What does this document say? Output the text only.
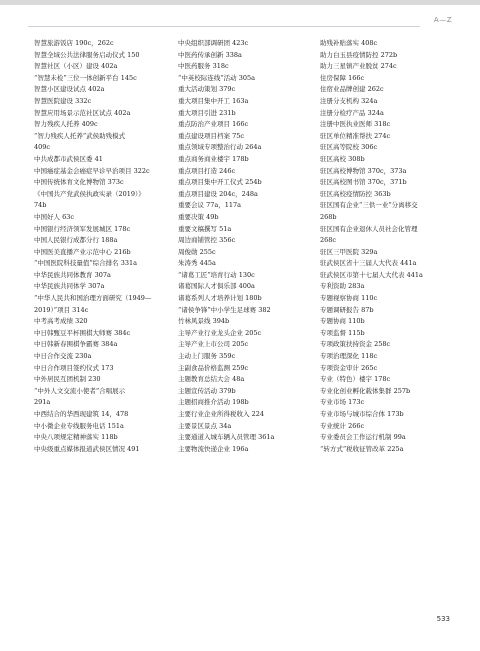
A—Z

智慧旅游饭店 190c，262c

智慧全域公共法律服务启动仪式 150

智慧社区（小区）建设 402a

“智慧未检”三位一体创新平台 145c

智慧小区建设试点 402a

智慧医院建设 332c

智慧应用场景示范社区试点 402a

智力残疾人托养 409c

“智力残疾人托养”武侯助残模式

409c

中共成都市武侯区委 41

中国癌症基金会癌症早诊早治项目 322c

中国传统体育文化博物馆 373c

《中国共产党武侯执政实录（2019）》

74b

中国好人 63c

中国银行经济领军发展城区 178c

中国人民银行成都分行 188a

中国医美直播产业示范中心 216b

“中国医院科技量值”综合排名 331a

中华民族共同体教育 307a

中华民族共同体学 307a

“中华人民共和国治理方面研究（1949—

2019）”项目 314c

中考高考成绩 320

中日韩甄豆平杯围棋大师赛 384c

中日韩新春围棋争霸赛 384a

中日合作交流 230a

中日合作项目签约仪式 173

中外居民互团机制 230

“中外人文交流小使者”合唱展示

291a

中西结合的华西现建筑 14，478

中小微企业专线服务电话 151a

中央八项规定精神落实 118b

中央级重点媒体报道武侯区情况 491

中央组织部调研团 423c

中医药传承创新 338a

中医药服务 318c

“中英校际连线”活动 305a

重大活动策划 379c

重大项目集中开工 163a

重大项目引进 231b

重点防治产业项目 166c

重点建设项目档案 75c

重点领域专项整治行动 264a

重点商务商业楼宇 178b

重点项目打造 246c

重点项目集中开工仪式 254b

重点项目建设 204c，248a

重要会议 77a，117a

重要决策 49b

重要文稿撰写 51a

周边商铺管控 356c

周俊勋 255c

朱涛秀 445a

“诸葛工匠”培育行动 130c

诸葛国际人才俱乐部 400a

诸葛系列人才培养计划 180b

“诸侯争锋”中小学生足球赛 382

竹林风景线 394b

主导产业行业龙头企业 205c

主导产业上市公司 205c

主动上门服务 359c

主副食品价格监测 259c

主题教育总结大会 48a

主题宣传活动 379b

主题招商推介活动 198b

主要行业企业所得税收入 224

主要景区景点 34a

主要通道入城车辆入员管理 361a

主要物流快递企业 196a

助残补贴落实 408c

助力白玉县疫情防控 272b

助力三星镇产业脱贫 274c

住房保障 166c

住宿业品牌创建 262c

注册分支机构 324a

注册分检疗产品 324a

注册中医执业医师 318c

驻区单位精准帮扶 274c

驻区高等院校 306c

驻区高校 308b

驻区高校博物馆 370c，373a

驻区高校图书馆 370c，371b

驻区高校疫情防控 363b

驻区国有企业“三供一业”分离移交

268b

驻区国有企业退休人员社会化管理

268c

驻区三甲医院 329a

驻武侯区省十三届人大代表 441a

驻武侯区市第十七届人大代表 441a

专利资助 283a

专题视察协商 110c

专题调研报告 87b

专题协商 110b

专项监督 115b

专项政策扶持资金 258c

专项治理深化 118c

专项资金审计 265c

专业（特色）楼宇 178c

专业化创业孵化载体集群 257b

专业市场 173c

专业市场与城市综合体 173b

专业统计 266c

专业委员会工作运行机制 99a

“转方式”税收征管改革 225a

533
